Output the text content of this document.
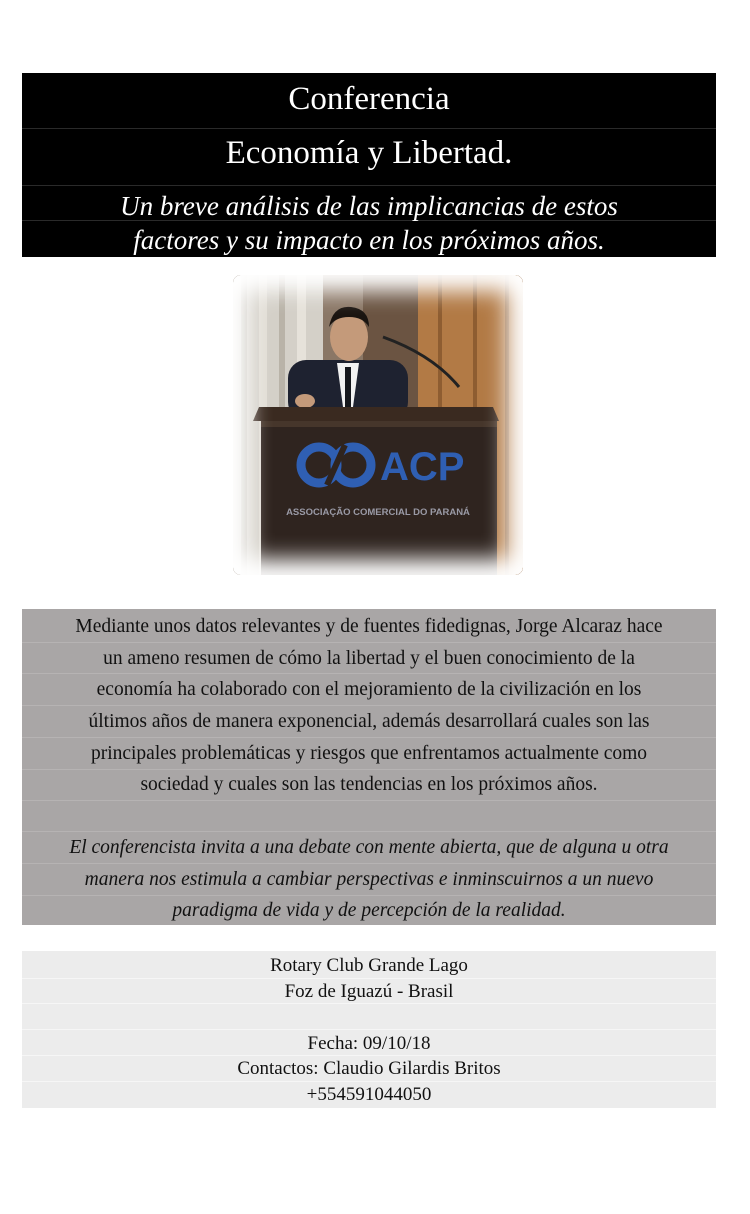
Conferencia
Economía y Libertad.
Un breve análisis de las implicancias de estos
factores y su impacto en los próximos años.
ACP
ASSOCIAÇÃO COMERCIAL DO PARANÁ
Mediante unos datos relevantes y de fuentes fidedignas, Jorge Alcaraz hace
un ameno resumen de cómo la libertad y el buen conocimiento de la
economía ha colaborado con el mejoramiento de la civilización en los
últimos años de manera exponencial, además desarrollará cuales son las
principales problemáticas y riesgos que enfrentamos actualmente como
sociedad y cuales son las tendencias en los próximos años.
El conferencista invita a una debate con mente abierta, que de alguna u otra
manera nos estimula a cambiar perspectivas e inminscuirnos a un nuevo
paradigma de vida y de percepción de la realidad.
Rotary Club Grande Lago
Foz de Iguazú - Brasil
Fecha: 09/10/18
Contactos: Claudio Gilardis Britos
+554591044050
